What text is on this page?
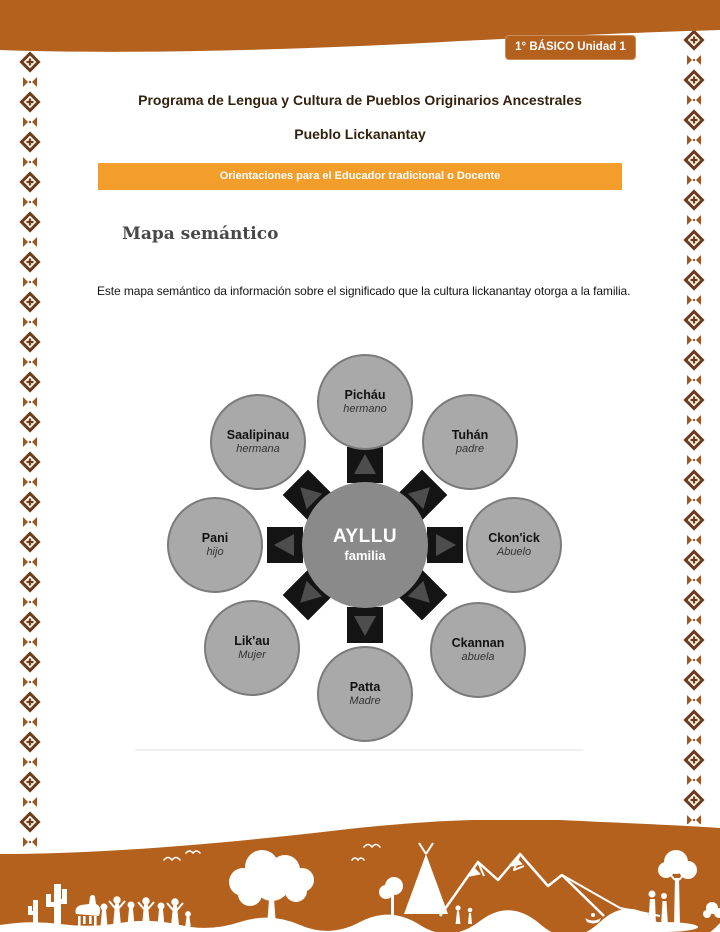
1° BÁSICO Unidad 1
Programa de Lengua y Cultura de Pueblos Originarios Ancestrales
Pueblo Lickanantay
Orientaciones para el Educador tradicional o Docente
Mapa semántico
Este mapa semántico da información sobre el significado que la cultura lickanantay otorga a la familia.
AYLLU
familia
Picháu
hermano
Tuhán
padre
Ckon'ick
Abuelo
Ckannan
abuela
Patta
Madre
Lik'au
Mujer
Pani
hijo
Saalipinau
hermana
